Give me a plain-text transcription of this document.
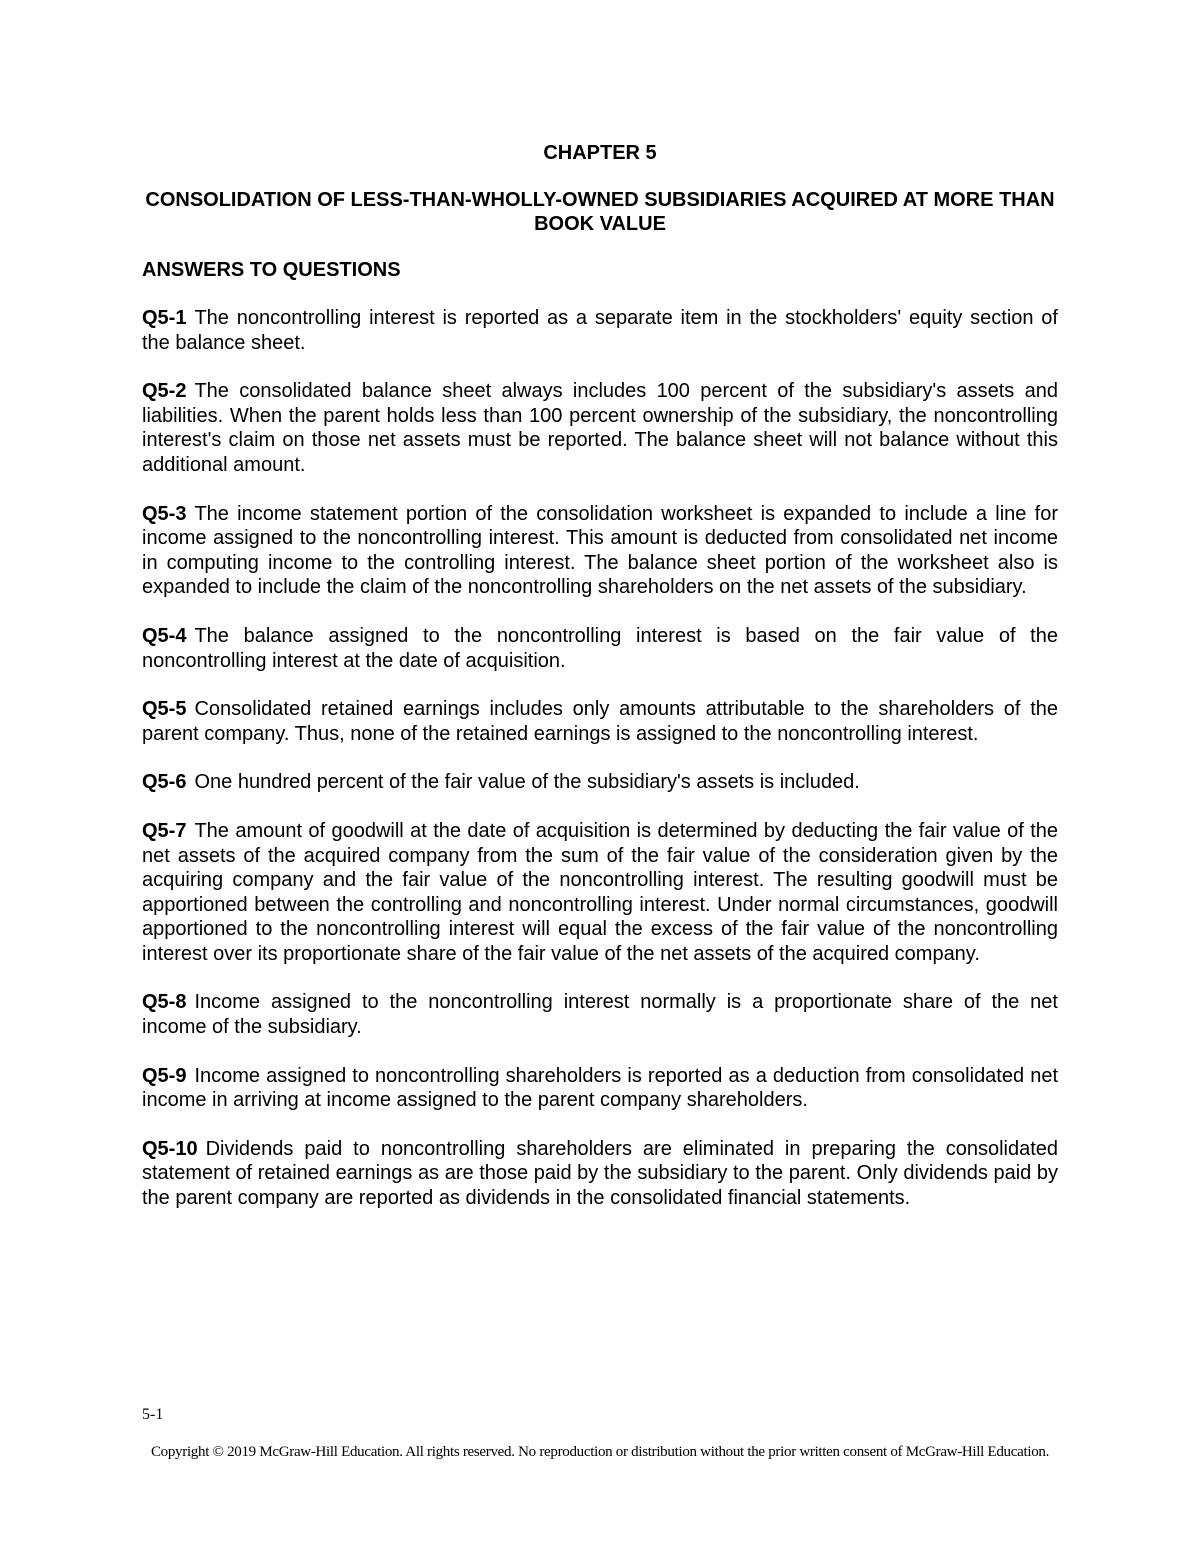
CHAPTER 5

CONSOLIDATION OF LESS-THAN-WHOLLY-OWNED SUBSIDIARIES ACQUIRED AT MORE THAN BOOK VALUE

ANSWERS TO QUESTIONS

Q5-1 The noncontrolling interest is reported as a separate item in the stockholders' equity section of the balance sheet.

Q5-2 The consolidated balance sheet always includes 100 percent of the subsidiary's assets and liabilities. When the parent holds less than 100 percent ownership of the subsidiary, the noncontrolling interest's claim on those net assets must be reported. The balance sheet will not balance without this additional amount.

Q5-3 The income statement portion of the consolidation worksheet is expanded to include a line for income assigned to the noncontrolling interest. This amount is deducted from consolidated net income in computing income to the controlling interest. The balance sheet portion of the worksheet also is expanded to include the claim of the noncontrolling shareholders on the net assets of the subsidiary.

Q5-4 The balance assigned to the noncontrolling interest is based on the fair value of the noncontrolling interest at the date of acquisition.

Q5-5 Consolidated retained earnings includes only amounts attributable to the shareholders of the parent company. Thus, none of the retained earnings is assigned to the noncontrolling interest.

Q5-6 One hundred percent of the fair value of the subsidiary's assets is included.

Q5-7 The amount of goodwill at the date of acquisition is determined by deducting the fair value of the net assets of the acquired company from the sum of the fair value of the consideration given by the acquiring company and the fair value of the noncontrolling interest. The resulting goodwill must be apportioned between the controlling and noncontrolling interest. Under normal circumstances, goodwill apportioned to the noncontrolling interest will equal the excess of the fair value of the noncontrolling interest over its proportionate share of the fair value of the net assets of the acquired company.

Q5-8 Income assigned to the noncontrolling interest normally is a proportionate share of the net income of the subsidiary.

Q5-9 Income assigned to noncontrolling shareholders is reported as a deduction from consolidated net income in arriving at income assigned to the parent company shareholders.

Q5-10 Dividends paid to noncontrolling shareholders are eliminated in preparing the consolidated statement of retained earnings as are those paid by the subsidiary to the parent. Only dividends paid by the parent company are reported as dividends in the consolidated financial statements.

5-1
Copyright © 2019 McGraw-Hill Education. All rights reserved. No reproduction or distribution without the prior written consent of McGraw-Hill Education.
